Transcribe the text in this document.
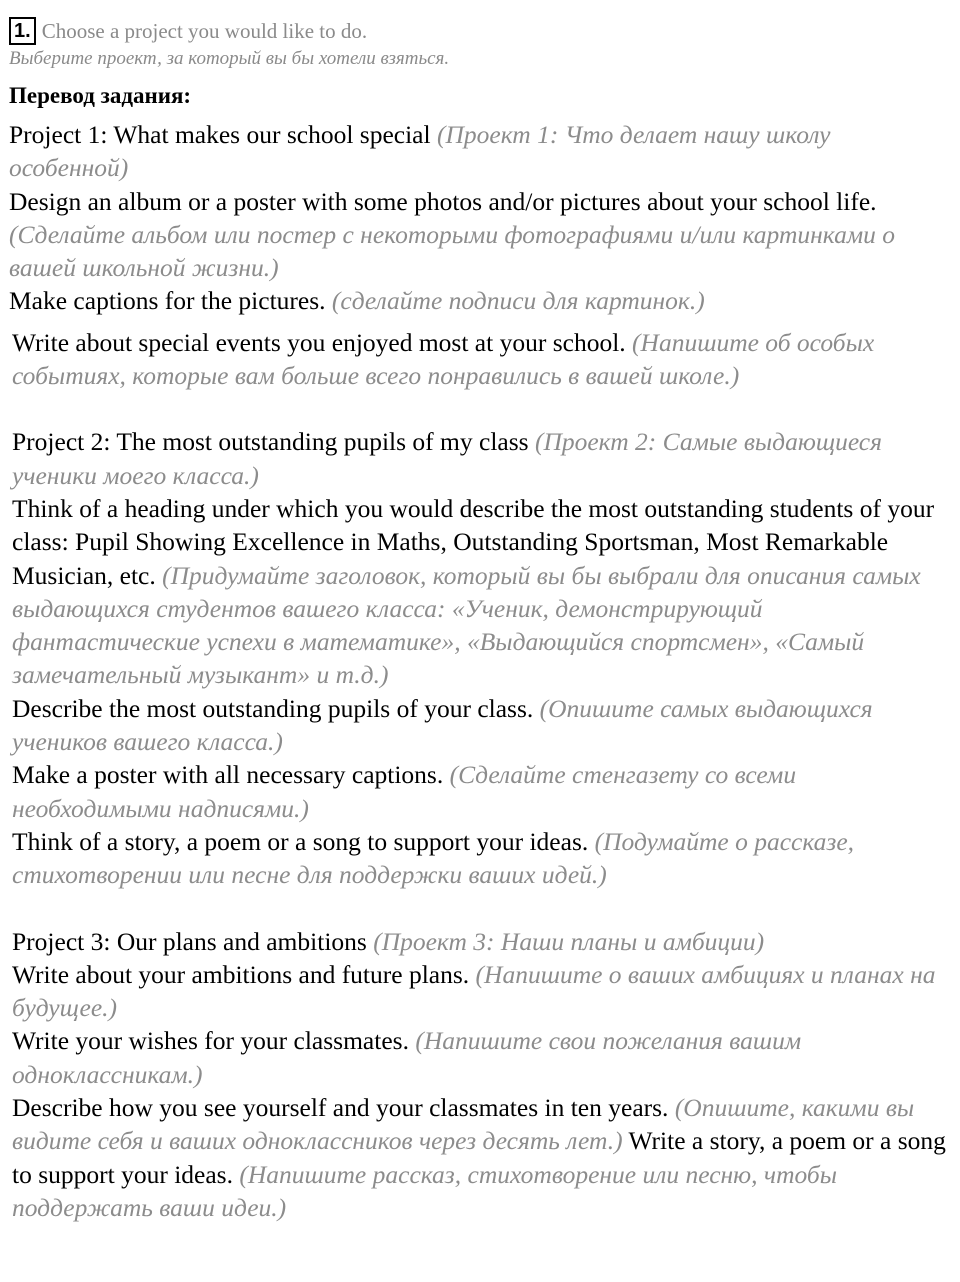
1. Choose a project you would like to do.
Выберите проект, за который вы бы хотели взяться.
Перевод задания:

Project 1: What makes our school special (Проект 1: Что делает нашу школу особенной)

Design an album or a poster with some photos and/or pictures about your school life. (Сделайте альбом или постер с некоторыми фотографиями и/или картинками о вашей школьной жизни.)

Make captions for the pictures. (сделайте подписи для картинок.)

Write about special events you enjoyed most at your school. (Напишите об особых событиях, которые вам больше всего понравились в вашей школе.)

Project 2: The most outstanding pupils of my class (Проект 2: Самые выдающиеся ученики моего класса.)

Think of a heading under which you would describe the most outstanding students of your class: Pupil Showing Excellence in Maths, Outstanding Sportsman, Most Remarkable Musician, etc. (Придумайте заголовок, который вы бы выбрали для описания самых выдающихся студентов вашего класса: «Ученик, демонстрирующий фантастические успехи в математике», «Выдающийся спортсмен», «Самый замечательный музыкант» и т.д.)

Describe the most outstanding pupils of your class. (Опишите самых выдающихся учеников вашего класса.)

Make a poster with all necessary captions. (Сделайте стенгазету со всеми необходимыми надписями.)

Think of a story, a poem or a song to support your ideas. (Подумайте о рассказе, стихотворении или песне для поддержки ваших идей.)

Project 3: Our plans and ambitions (Проект 3: Наши планы и амбиции)

Write about your ambitions and future plans. (Напишите о ваших амбициях и планах на будущее.)

Write your wishes for your classmates. (Напишите свои пожелания вашим одноклассникам.)

Describe how you see yourself and your classmates in ten years. (Опишите, какими вы видите себя и ваших одноклассников через десять лет.) Write a story, a poem or a song to support your ideas. (Напишите рассказ, стихотворение или песню, чтобы поддержать ваши идеи.)
